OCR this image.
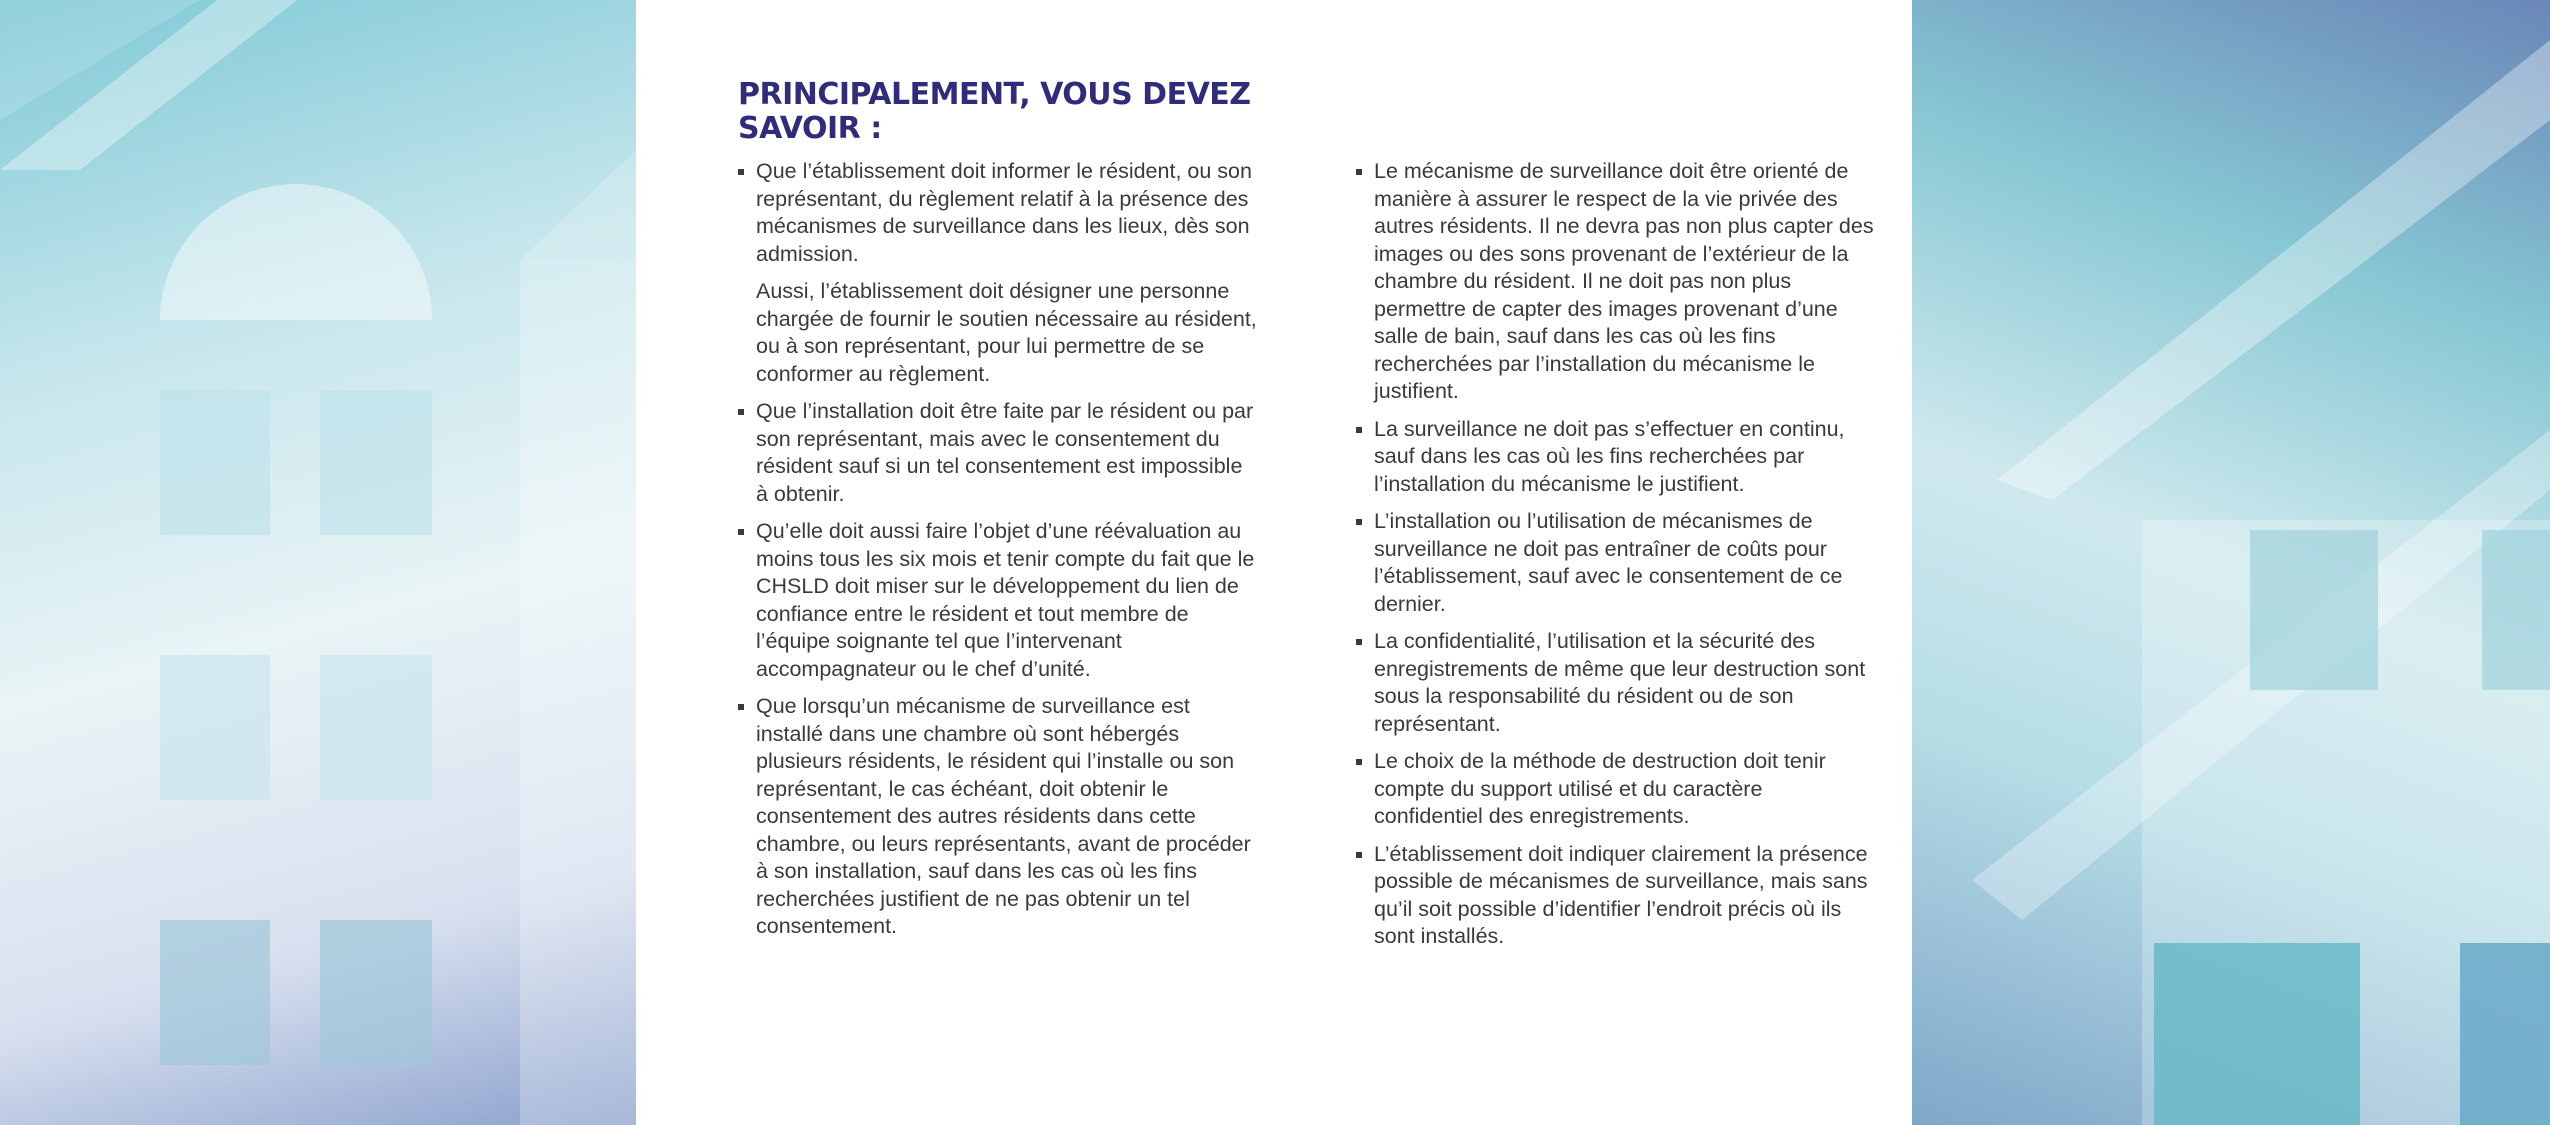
PRINCIPALEMENT, VOUS DEVEZ SAVOIR :
Que l’établissement doit informer le résident, ou son représentant, du règlement relatif à la présence des mécanismes de surveillance dans les lieux, dès son admission.
Aussi, l’établissement doit désigner une personne chargée de fournir le soutien nécessaire au résident, ou à son représentant, pour lui permettre de se conformer au règlement.
Que l’installation doit être faite par le résident ou par son représentant, mais avec le consentement du résident sauf si un tel consentement est impossible à obtenir.
Qu’elle doit aussi faire l’objet d’une réévaluation au moins tous les six mois et tenir compte du fait que le CHSLD doit miser sur le développement du lien de confiance entre le résident et tout membre de l’équipe soignante tel que l’intervenant accompagnateur ou le chef d’unité.
Que lorsqu’un mécanisme de surveillance est installé dans une chambre où sont hébergés plusieurs résidents, le résident qui l’installe ou son représentant, le cas échéant, doit obtenir le consentement des autres résidents dans cette chambre, ou leurs représentants, avant de procéder à son installation, sauf dans les cas où les fins recherchées justifient de ne pas obtenir un tel consentement.
Le mécanisme de surveillance doit être orienté de manière à assurer le respect de la vie privée des autres résidents. Il ne devra pas non plus capter des images ou des sons provenant de l’extérieur de la chambre du résident. Il ne doit pas non plus permettre de capter des images provenant d’une salle de bain, sauf dans les cas où les fins recherchées par l’installation du mécanisme le justifient.
La surveillance ne doit pas s’effectuer en continu, sauf dans les cas où les fins recherchées par l’installation du mécanisme le justifient.
L’installation ou l’utilisation de mécanismes de surveillance ne doit pas entraîner de coûts pour l’établissement, sauf avec le consentement de ce dernier.
La confidentialité, l’utilisation et la sécurité des enregistrements de même que leur destruction sont sous la responsabilité du résident ou de son représentant.
Le choix de la méthode de destruction doit tenir compte du support utilisé et du caractère confidentiel des enregistrements.
L’établissement doit indiquer clairement la présence possible de mécanismes de surveillance, mais sans qu’il soit possible d’identifier l’endroit précis où ils sont installés.
